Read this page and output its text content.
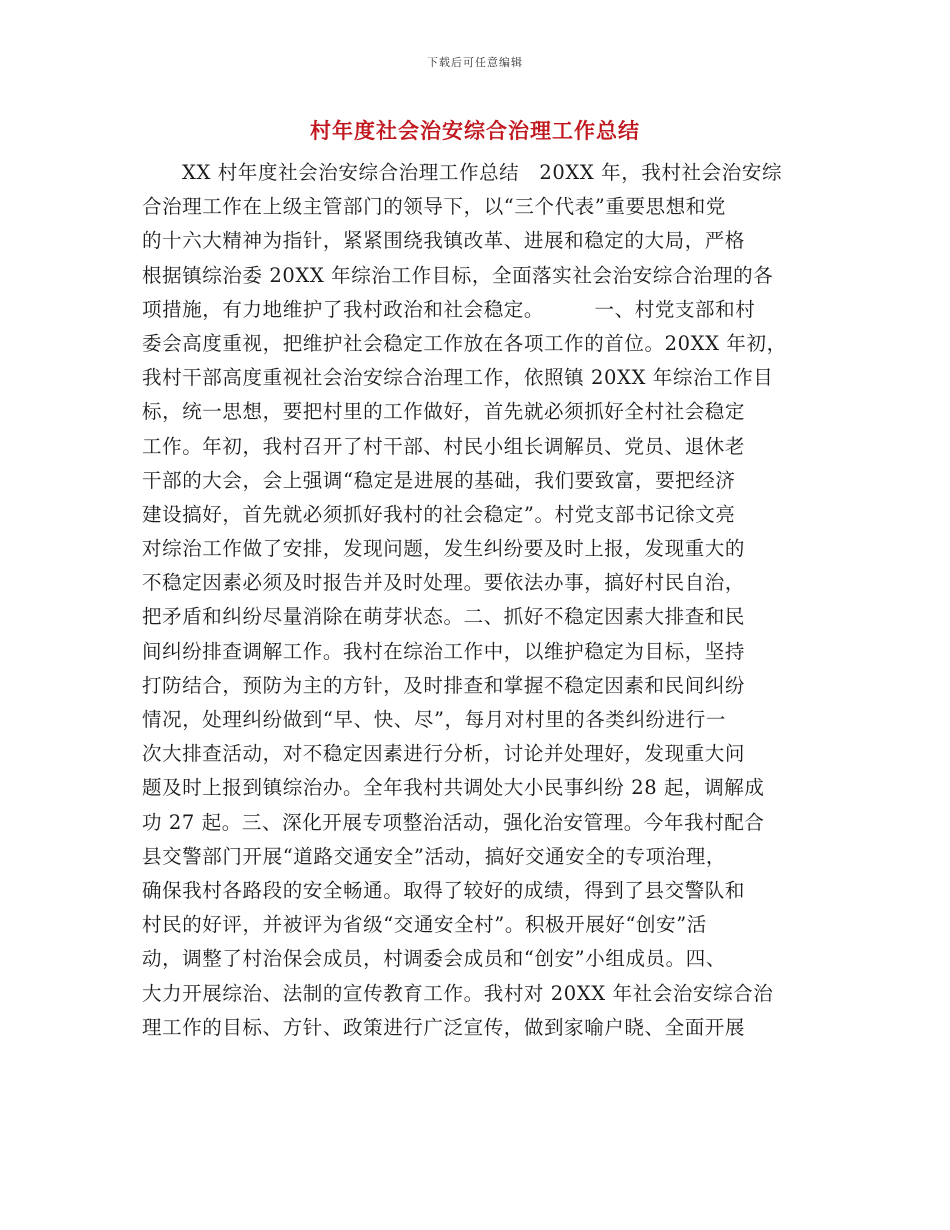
下载后可任意编辑
村年度社会治安综合治理工作总结
XX 村年度社会治安综合治理工作总结　20XX 年，我村社会治安综
合治理工作在上级主管部门的领导下，以“三个代表”重要思想和党
的十六大精神为指针，紧紧围绕我镇改革、进展和稳定的大局，严格
根据镇综治委 20XX 年综治工作目标，全面落实社会治安综合治理的各
项措施，有力地维护了我村政治和社会稳定。　　　一、村党支部和村
委会高度重视，把维护社会稳定工作放在各项工作的首位。20XX 年初，
我村干部高度重视社会治安综合治理工作，依照镇 20XX 年综治工作目
标，统一思想，要把村里的工作做好，首先就必须抓好全村社会稳定
工作。年初，我村召开了村干部、村民小组长调解员、党员、退休老
干部的大会，会上强调“稳定是进展的基础，我们要致富，要把经济
建设搞好，首先就必须抓好我村的社会稳定”。村党支部书记徐文亮
对综治工作做了安排，发现问题，发生纠纷要及时上报，发现重大的
不稳定因素必须及时报告并及时处理。要依法办事，搞好村民自治，
把矛盾和纠纷尽量消除在萌芽状态。二、抓好不稳定因素大排查和民
间纠纷排查调解工作。我村在综治工作中，以维护稳定为目标，坚持
打防结合，预防为主的方针，及时排查和掌握不稳定因素和民间纠纷
情况，处理纠纷做到“早、快、尽”，每月对村里的各类纠纷进行一
次大排查活动，对不稳定因素进行分析，讨论并处理好，发现重大问
题及时上报到镇综治办。全年我村共调处大小民事纠纷 28 起，调解成
功 27 起。三、深化开展专项整治活动，强化治安管理。今年我村配合
县交警部门开展“道路交通安全”活动，搞好交通安全的专项治理，
确保我村各路段的安全畅通。取得了较好的成绩，得到了县交警队和
村民的好评，并被评为省级“交通安全村”。积极开展好“创安”活
动，调整了村治保会成员，村调委会成员和“创安”小组成员。四、
大力开展综治、法制的宣传教育工作。我村对 20XX 年社会治安综合治
理工作的目标、方针、政策进行广泛宣传，做到家喻户晓、全面开展
